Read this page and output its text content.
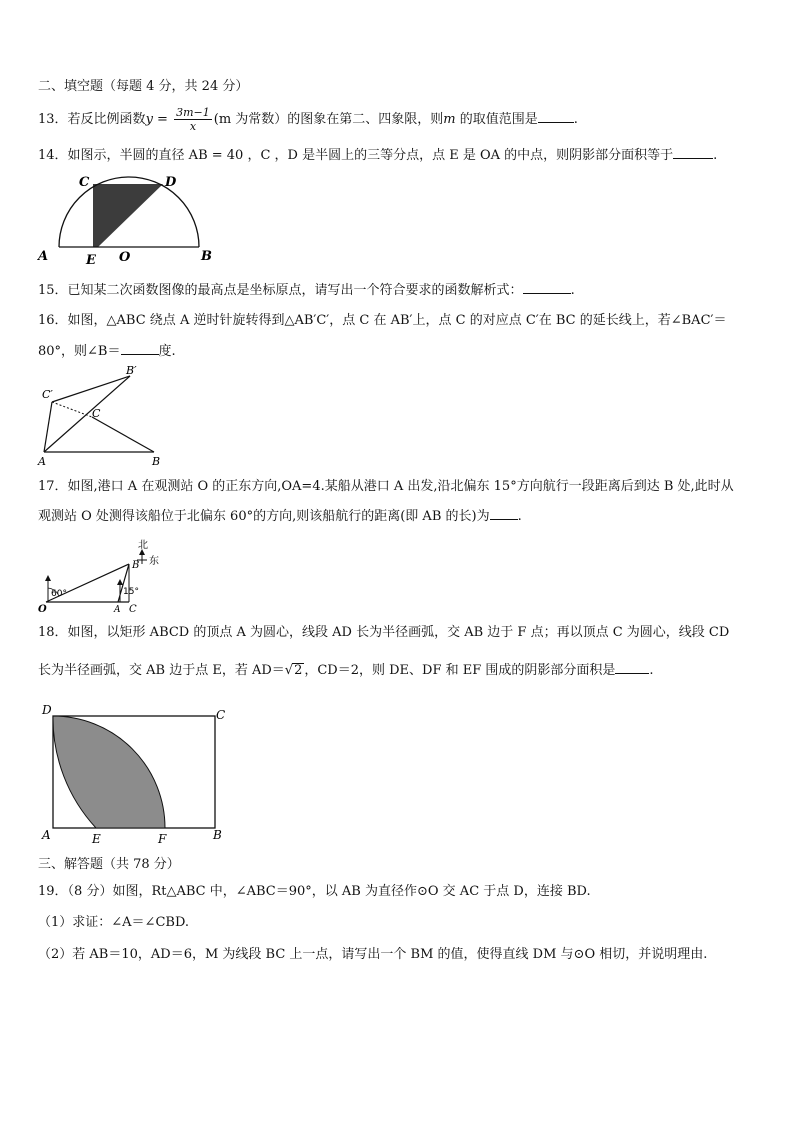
二、填空题（每题 4 分，共 24 分）
13．若反比例函数$y = \frac{3m-1}{x} (m$ 为常数）的图象在第二、四象限，则m 的取值范围是	.
14．如图示，半圆的直径 AB = 40 ，C ，D 是半圆上的三等分点，点 E 是 OA 的中点，则阴影部分面积等于	.
C	D
A	E O	B
15．已知某二次函数图像的最高点是坐标原点，请写出一个符合要求的函数解析式：	.
16．如图，△ABC 绕点 A 逆时针旋转得到△AB′C′，点 C 在 AB′上，点 C 的对应点 C′在 BC 的延长线上，若∠BAC′＝
80°，则∠B＝	度.
B′
C′
C
A	B
17．如图,港口 A 在观测站 O 的正东方向,OA=4.某船从港口 A 出发,沿北偏东 15°方向航行一段距离后到达 B 处,此时从
观测站 O 处测得该船位于北偏东 60°的方向,则该船航行的距离(即 AB 的长)为 .
北
东
60°	15°
B
O	A C
18．如图，以矩形 ABCD 的顶点 A 为圆心，线段 AD 长为半径画弧，交 AB 边于 F 点；再以顶点 C 为圆心，线段 CD
长为半径画弧，交 AB 边于点 E，若 AD＝√2 ，CD＝2，则 DE、DF 和 EF 围成的阴影部分面积是	.
D	C
A	E	F	B
三、解答题（共 78 分）
19．（8 分）如图，Rt△ABC 中，∠ABC＝90°，以 AB 为直径作⊙O 交 AC 于点 D，连接 BD.
（1）求证：∠A＝∠CBD.
（2）若 AB＝10，AD＝6，M 为线段 BC 上一点，请写出一个 BM 的值，使得直线 DM 与⊙O 相切，并说明理由.
